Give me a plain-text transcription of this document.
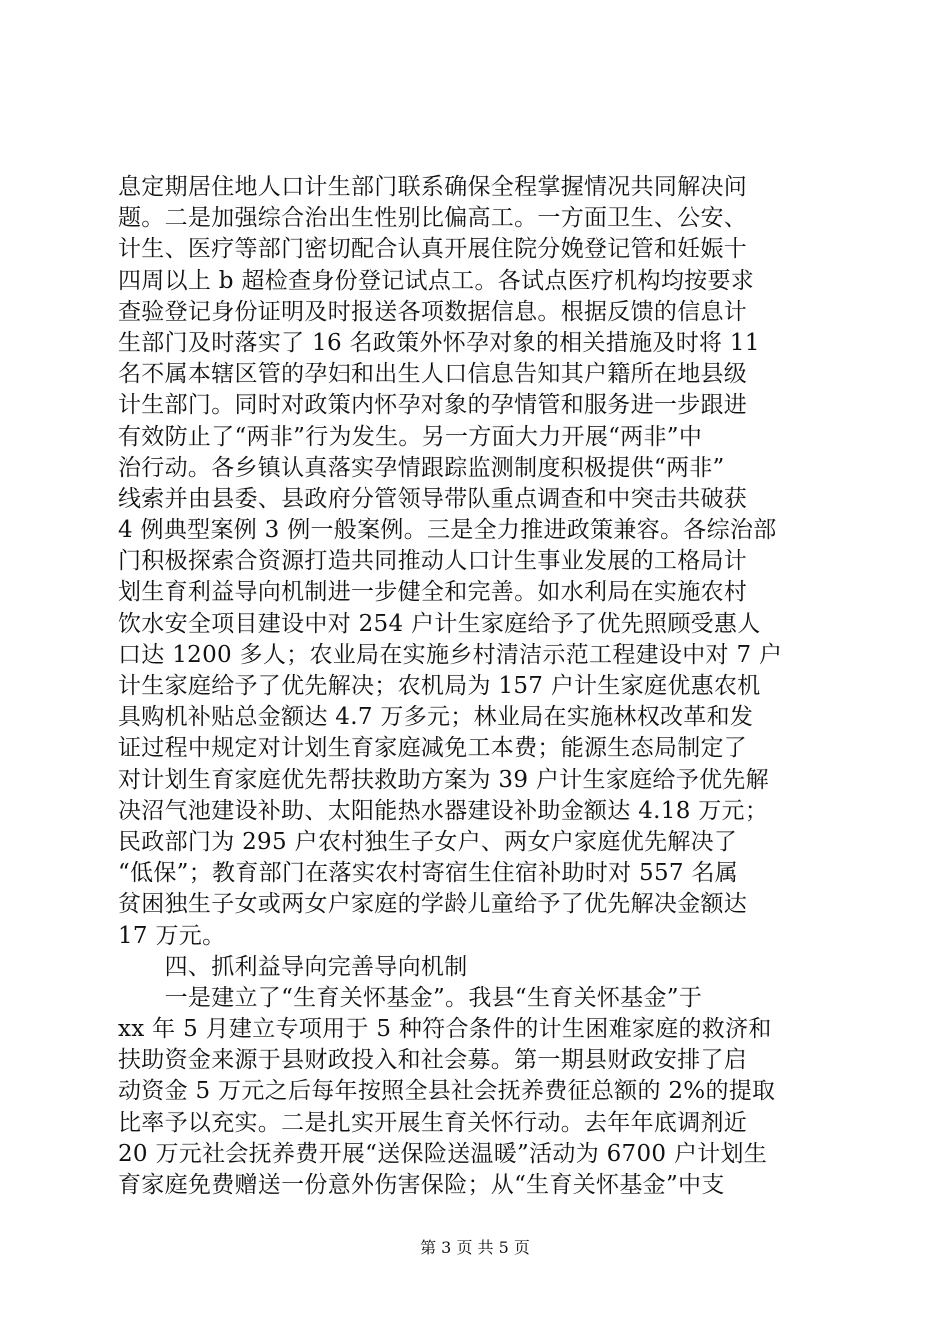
息定期居住地人口计生部门联系确保全程掌握情况共同解决问
题。二是加强综合治出生性别比偏高工。一方面卫生、公安、
计生、医疗等部门密切配合认真开展住院分娩登记管和妊娠十
四周以上 b 超检查身份登记试点工。各试点医疗机构均按要求
查验登记身份证明及时报送各项数据信息。根据反馈的信息计
生部门及时落实了 16 名政策外怀孕对象的相关措施及时将 11
名不属本辖区管的孕妇和出生人口信息告知其户籍所在地县级
计生部门。同时对政策内怀孕对象的孕情管和服务进一步跟进
有效防止了“两非”行为发生。另一方面大力开展“两非”中
治行动。各乡镇认真落实孕情跟踪监测制度积极提供“两非”
线索并由县委、县政府分管领导带队重点调查和中突击共破获
4 例典型案例 3 例一般案例。三是全力推进政策兼容。各综治部
门积极探索合资源打造共同推动人口计生事业发展的工格局计
划生育利益导向机制进一步健全和完善。如水利局在实施农村
饮水安全项目建设中对 254 户计生家庭给予了优先照顾受惠人
口达 1200 多人；农业局在实施乡村清洁示范工程建设中对 7 户
计生家庭给予了优先解决；农机局为 157 户计生家庭优惠农机
具购机补贴总金额达 4.7 万多元；林业局在实施林权改革和发
证过程中规定对计划生育家庭减免工本费；能源生态局制定了
对计划生育家庭优先帮扶救助方案为 39 户计生家庭给予优先解
决沼气池建设补助、太阳能热水器建设补助金额达 4.18 万元；
民政部门为 295 户农村独生子女户、两女户家庭优先解决了
“低保”；教育部门在落实农村寄宿生住宿补助时对 557 名属
贫困独生子女或两女户家庭的学龄儿童给予了优先解决金额达
17 万元。
　　四、抓利益导向完善导向机制
　　一是建立了“生育关怀基金”。我县“生育关怀基金”于
xx 年 5 月建立专项用于 5 种符合条件的计生困难家庭的救济和
扶助资金来源于县财政投入和社会募。第一期县财政安排了启
动资金 5 万元之后每年按照全县社会抚养费征总额的 2%的提取
比率予以充实。二是扎实开展生育关怀行动。去年年底调剂近
20 万元社会抚养费开展“送保险送温暖”活动为 6700 户计划生
育家庭免费赠送一份意外伤害保险；从“生育关怀基金”中支
第 3 页 共 5 页
